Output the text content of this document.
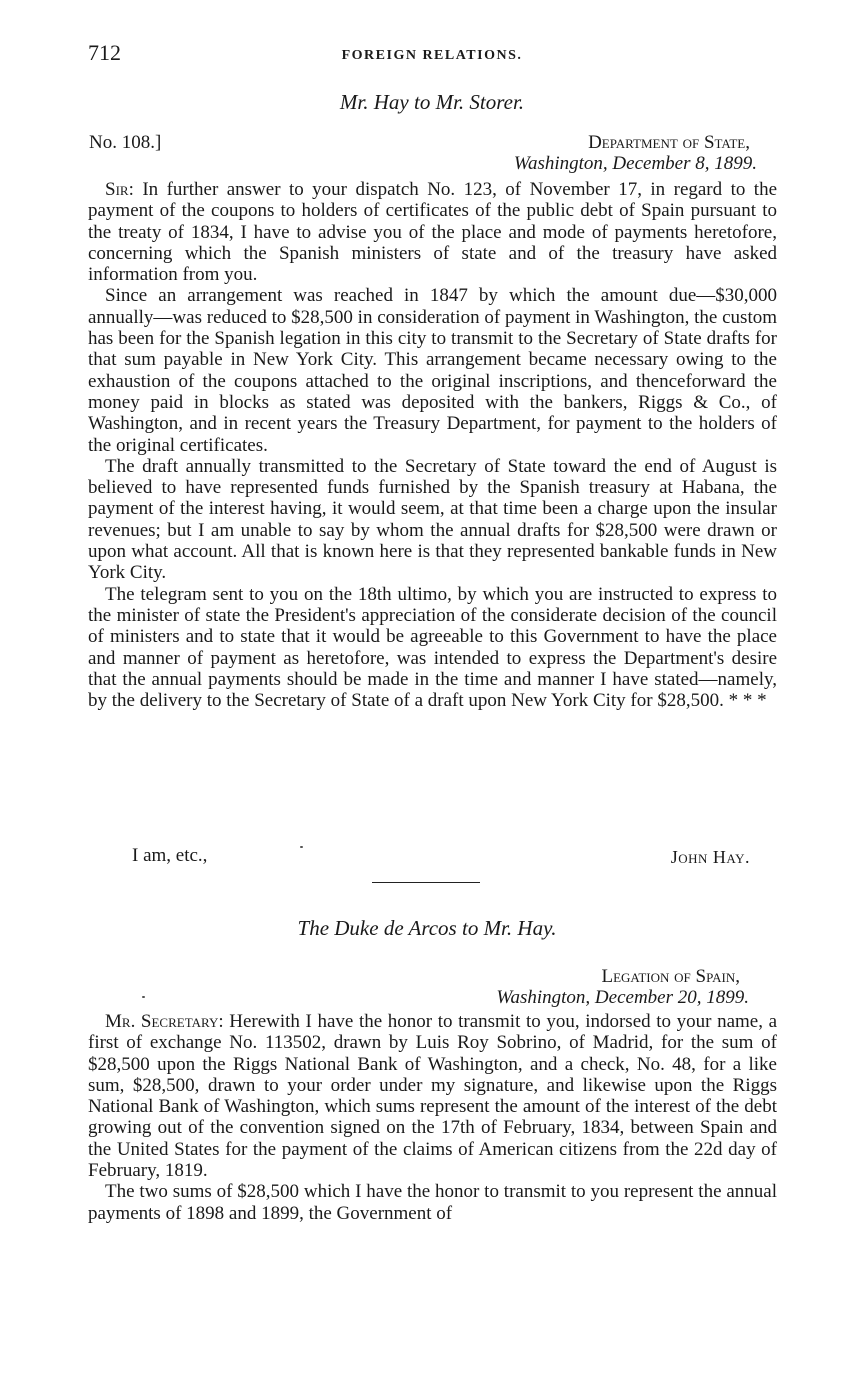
712	FOREIGN RELATIONS.
Mr. Hay to Mr. Storer.
No. 108.]	Department of State,
Washington, December 8, 1899.

Sir: In further answer to your dispatch No. 123, of November 17, in regard to the payment of the coupons to holders of certificates of the public debt of Spain pursuant to the treaty of 1834, I have to advise you of the place and mode of payments heretofore, concerning which the Spanish ministers of state and of the treasury have asked information from you.

Since an arrangement was reached in 1847 by which the amount due—$30,000 annually—was reduced to $28,500 in consideration of payment in Washington, the custom has been for the Spanish legation in this city to transmit to the Secretary of State drafts for that sum payable in New York City. This arrangement became necessary owing to the exhaustion of the coupons attached to the original inscriptions, and thenceforward the money paid in blocks as stated was deposited with the bankers, Riggs & Co., of Washington, and in recent years the Treasury Department, for payment to the holders of the original certificates.

The draft annually transmitted to the Secretary of State toward the end of August is believed to have represented funds furnished by the Spanish treasury at Habana, the payment of the interest having, it would seem, at that time been a charge upon the insular revenues; but I am unable to say by whom the annual drafts for $28,500 were drawn or upon what account. All that is known here is that they represented bankable funds in New York City.

The telegram sent to you on the 18th ultimo, by which you are instructed to express to the minister of state the President's appreciation of the considerate decision of the council of ministers and to state that it would be agreeable to this Government to have the place and manner of payment as heretofore, was intended to express the Department's desire that the annual payments should be made in the time and manner I have stated—namely, by the delivery to the Secretary of State of a draft upon New York City for $28,500. * * *

I am, etc.,	John Hay.
The Duke de Arcos to Mr. Hay.
Legation of Spain,
Washington, December 20, 1899.

Mr. Secretary: Herewith I have the honor to transmit to you, indorsed to your name, a first of exchange No. 113502, drawn by Luis Roy Sobrino, of Madrid, for the sum of $28,500 upon the Riggs National Bank of Washington, and a check, No. 48, for a like sum, $28,500, drawn to your order under my signature, and likewise upon the Riggs National Bank of Washington, which sums represent the amount of the interest of the debt growing out of the convention signed on the 17th of February, 1834, between Spain and the United States for the payment of the claims of American citizens from the 22d day of February, 1819.

The two sums of $28,500 which I have the honor to transmit to you represent the annual payments of 1898 and 1899, the Government of
